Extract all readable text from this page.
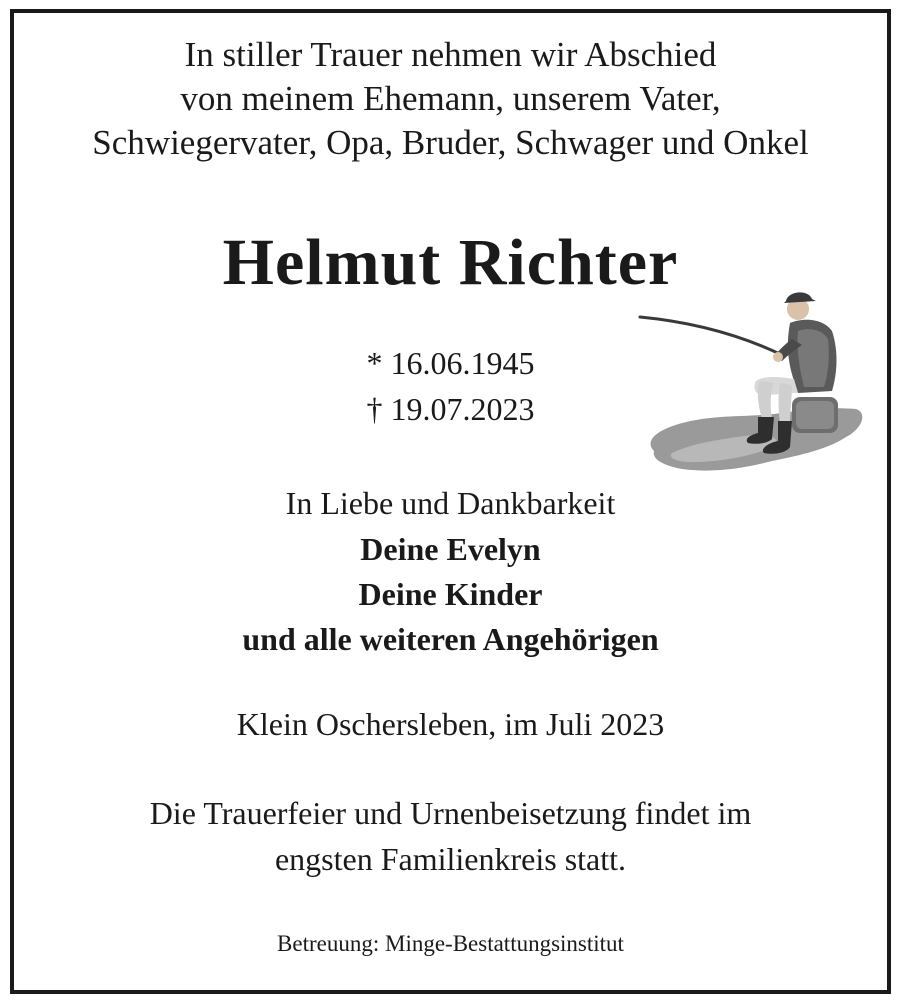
In stiller Trauer nehmen wir Abschied
von meinem Ehemann, unserem Vater,
Schwiegervater, Opa, Bruder, Schwager und Onkel
Helmut Richter
* 16.06.1945
† 19.07.2023
In Liebe und Dankbarkeit
Deine Evelyn
Deine Kinder
und alle weiteren Angehörigen
Klein Oschersleben, im Juli 2023
Die Trauerfeier und Urnenbeisetzung findet im
engsten Familienkreis statt.
Betreuung: Minge-Bestattungsinstitut
